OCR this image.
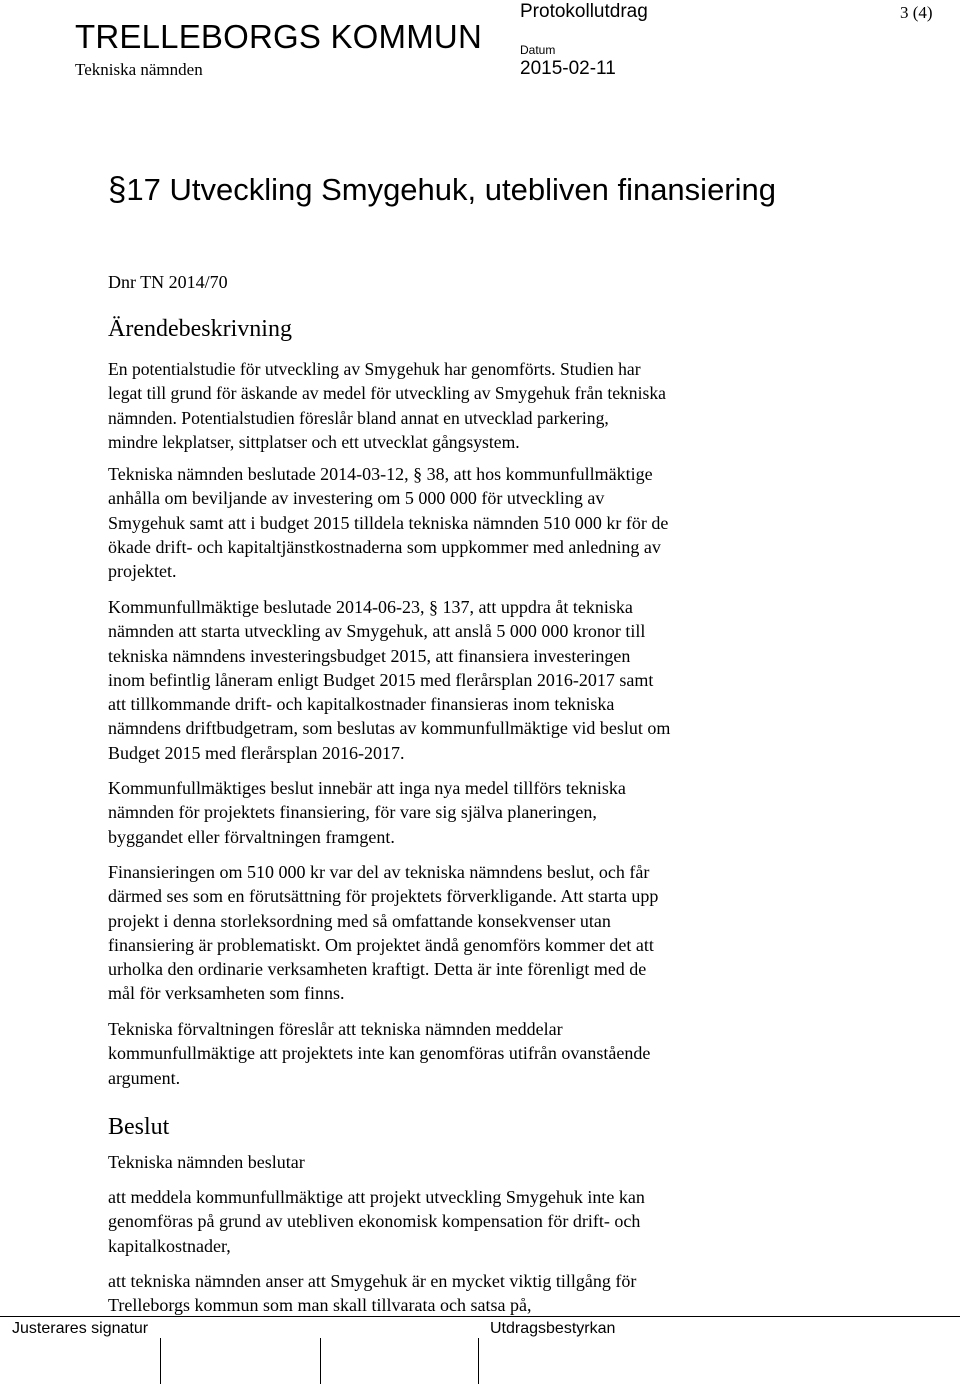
TRELLEBORGS KOMMUN
Tekniska nämnden
Protokollutdrag	3 (4)
Datum
2015-02-11
§17 Utveckling Smygehuk, utebliven finansiering
Dnr TN 2014/70
Ärendebeskrivning
En potentialstudie för utveckling av Smygehuk har genomförts. Studien har
legat till grund för äskande av medel för utveckling av Smygehuk från tekniska
nämnden. Potentialstudien föreslår bland annat en utvecklad parkering,
mindre lekplatser, sittplatser och ett utvecklat gångsystem.
Tekniska nämnden beslutade 2014-03-12, § 38, att hos kommunfullmäktige
anhålla om beviljande av investering om 5 000 000 för utveckling av
Smygehuk samt att i budget 2015 tilldela tekniska nämnden 510 000 kr för de
ökade drift- och kapitaltjänstkostnaderna som uppkommer med anledning av
projektet.
Kommunfullmäktige beslutade 2014-06-23, § 137, att uppdra åt tekniska
nämnden att starta utveckling av Smygehuk, att anslå 5 000 000 kronor till
tekniska nämndens investeringsbudget 2015, att finansiera investeringen
inom befintlig låneram enligt Budget 2015 med flerårsplan 2016-2017 samt
att tillkommande drift- och kapitalkostnader finansieras inom tekniska
nämndens driftbudgetram, som beslutas av kommunfullmäktige vid beslut om
Budget 2015 med flerårsplan 2016-2017.
Kommunfullmäktiges beslut innebär att inga nya medel tillförs tekniska
nämnden för projektets finansiering, för vare sig själva planeringen,
byggandet eller förvaltningen framgent.
Finansieringen om 510 000 kr var del av tekniska nämndens beslut, och får
därmed ses som en förutsättning för projektets förverkligande. Att starta upp
projekt i denna storleksordning med så omfattande konsekvenser utan
finansiering är problematiskt. Om projektet ändå genomförs kommer det att
urholka den ordinarie verksamheten kraftigt. Detta är inte förenligt med de
mål för verksamheten som finns.
Tekniska förvaltningen föreslår att tekniska nämnden meddelar
kommunfullmäktige att projektets inte kan genomföras utifrån ovanstående
argument.
Beslut
Tekniska nämnden beslutar
att meddela kommunfullmäktige att projekt utveckling Smygehuk inte kan
genomföras på grund av utebliven ekonomisk kompensation för drift- och
kapitalkostnader,
att tekniska nämnden anser att Smygehuk är en mycket viktig tillgång för
Trelleborgs kommun som man skall tillvarata och satsa på,
Justerares signatur	Utdragsbestyrkan
